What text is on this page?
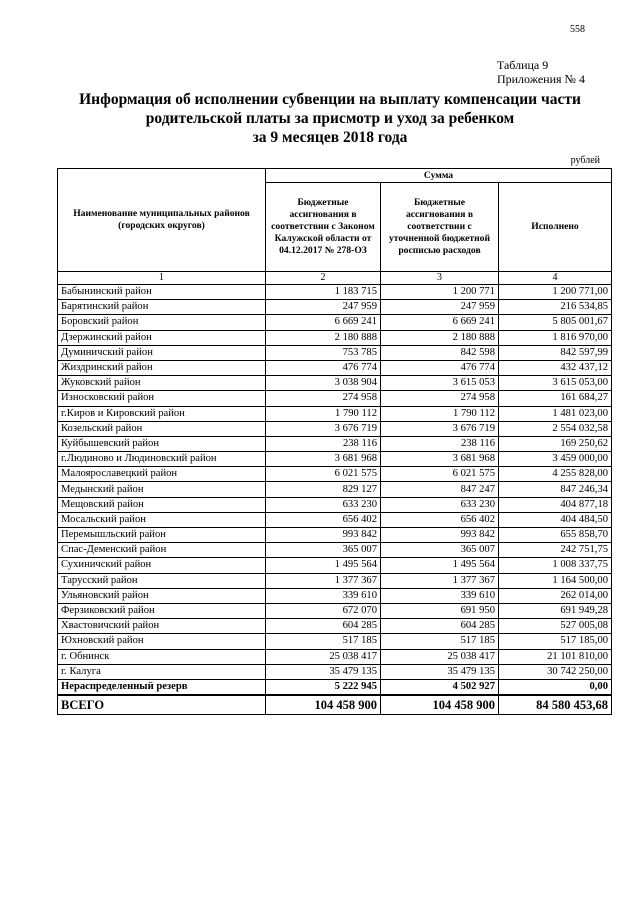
558
Таблица 9
Приложения № 4
Информация об исполнении субвенции на выплату компенсации части
родительской платы за присмотр и уход за ребенком
за 9 месяцев 2018 года
рублей
Наименование муниципальных районов (городских округов)	Сумма		
	Бюджетные ассигнования в соответствии с Законом Калужской области от 04.12.2017 № 278-ОЗ	Бюджетные ассигнования в соответствии с уточненной бюджетной росписью расходов	Исполнено
1	2	3	4
Бабынинский район	1 183 715	1 200 771	1 200 771,00
Барятинский район	247 959	247 959	216 534,85
Боровский район	6 669 241	6 669 241	5 805 001,67
Дзержинский район	2 180 888	2 180 888	1 816 970,00
Думиничский район	753 785	842 598	842 597,99
Жиздринский район	476 774	476 774	432 437,12
Жуковский район	3 038 904	3 615 053	3 615 053,00
Износковский район	274 958	274 958	161 684,27
г.Киров и Кировский район	1 790 112	1 790 112	1 481 023,00
Козельский район	3 676 719	3 676 719	2 554 032,58
Куйбышевский район	238 116	238 116	169 250,62
г.Людиново и Людиновский район	3 681 968	3 681 968	3 459 000,00
Малоярославецкий район	6 021 575	6 021 575	4 255 828,00
Медынский район	829 127	847 247	847 246,34
Мещовский район	633 230	633 230	404 877,18
Мосальский район	656 402	656 402	404 484,50
Перемышльский район	993 842	993 842	655 858,70
Спас-Деменский район	365 007	365 007	242 751,75
Сухиничский район	1 495 564	1 495 564	1 008 337,75
Тарусский район	1 377 367	1 377 367	1 164 500,00
Ульяновский район	339 610	339 610	262 014,00
Ферзиковский район	672 070	691 950	691 949,28
Хвастовичский район	604 285	604 285	527 005,08
Юхновский район	517 185	517 185	517 185,00
г. Обнинск	25 038 417	25 038 417	21 101 810,00
г. Калуга	35 479 135	35 479 135	30 742 250,00
Нераспределенный резерв	5 222 945	4 502 927	0,00
ВСЕГО	104 458 900	104 458 900	84 580 453,68
